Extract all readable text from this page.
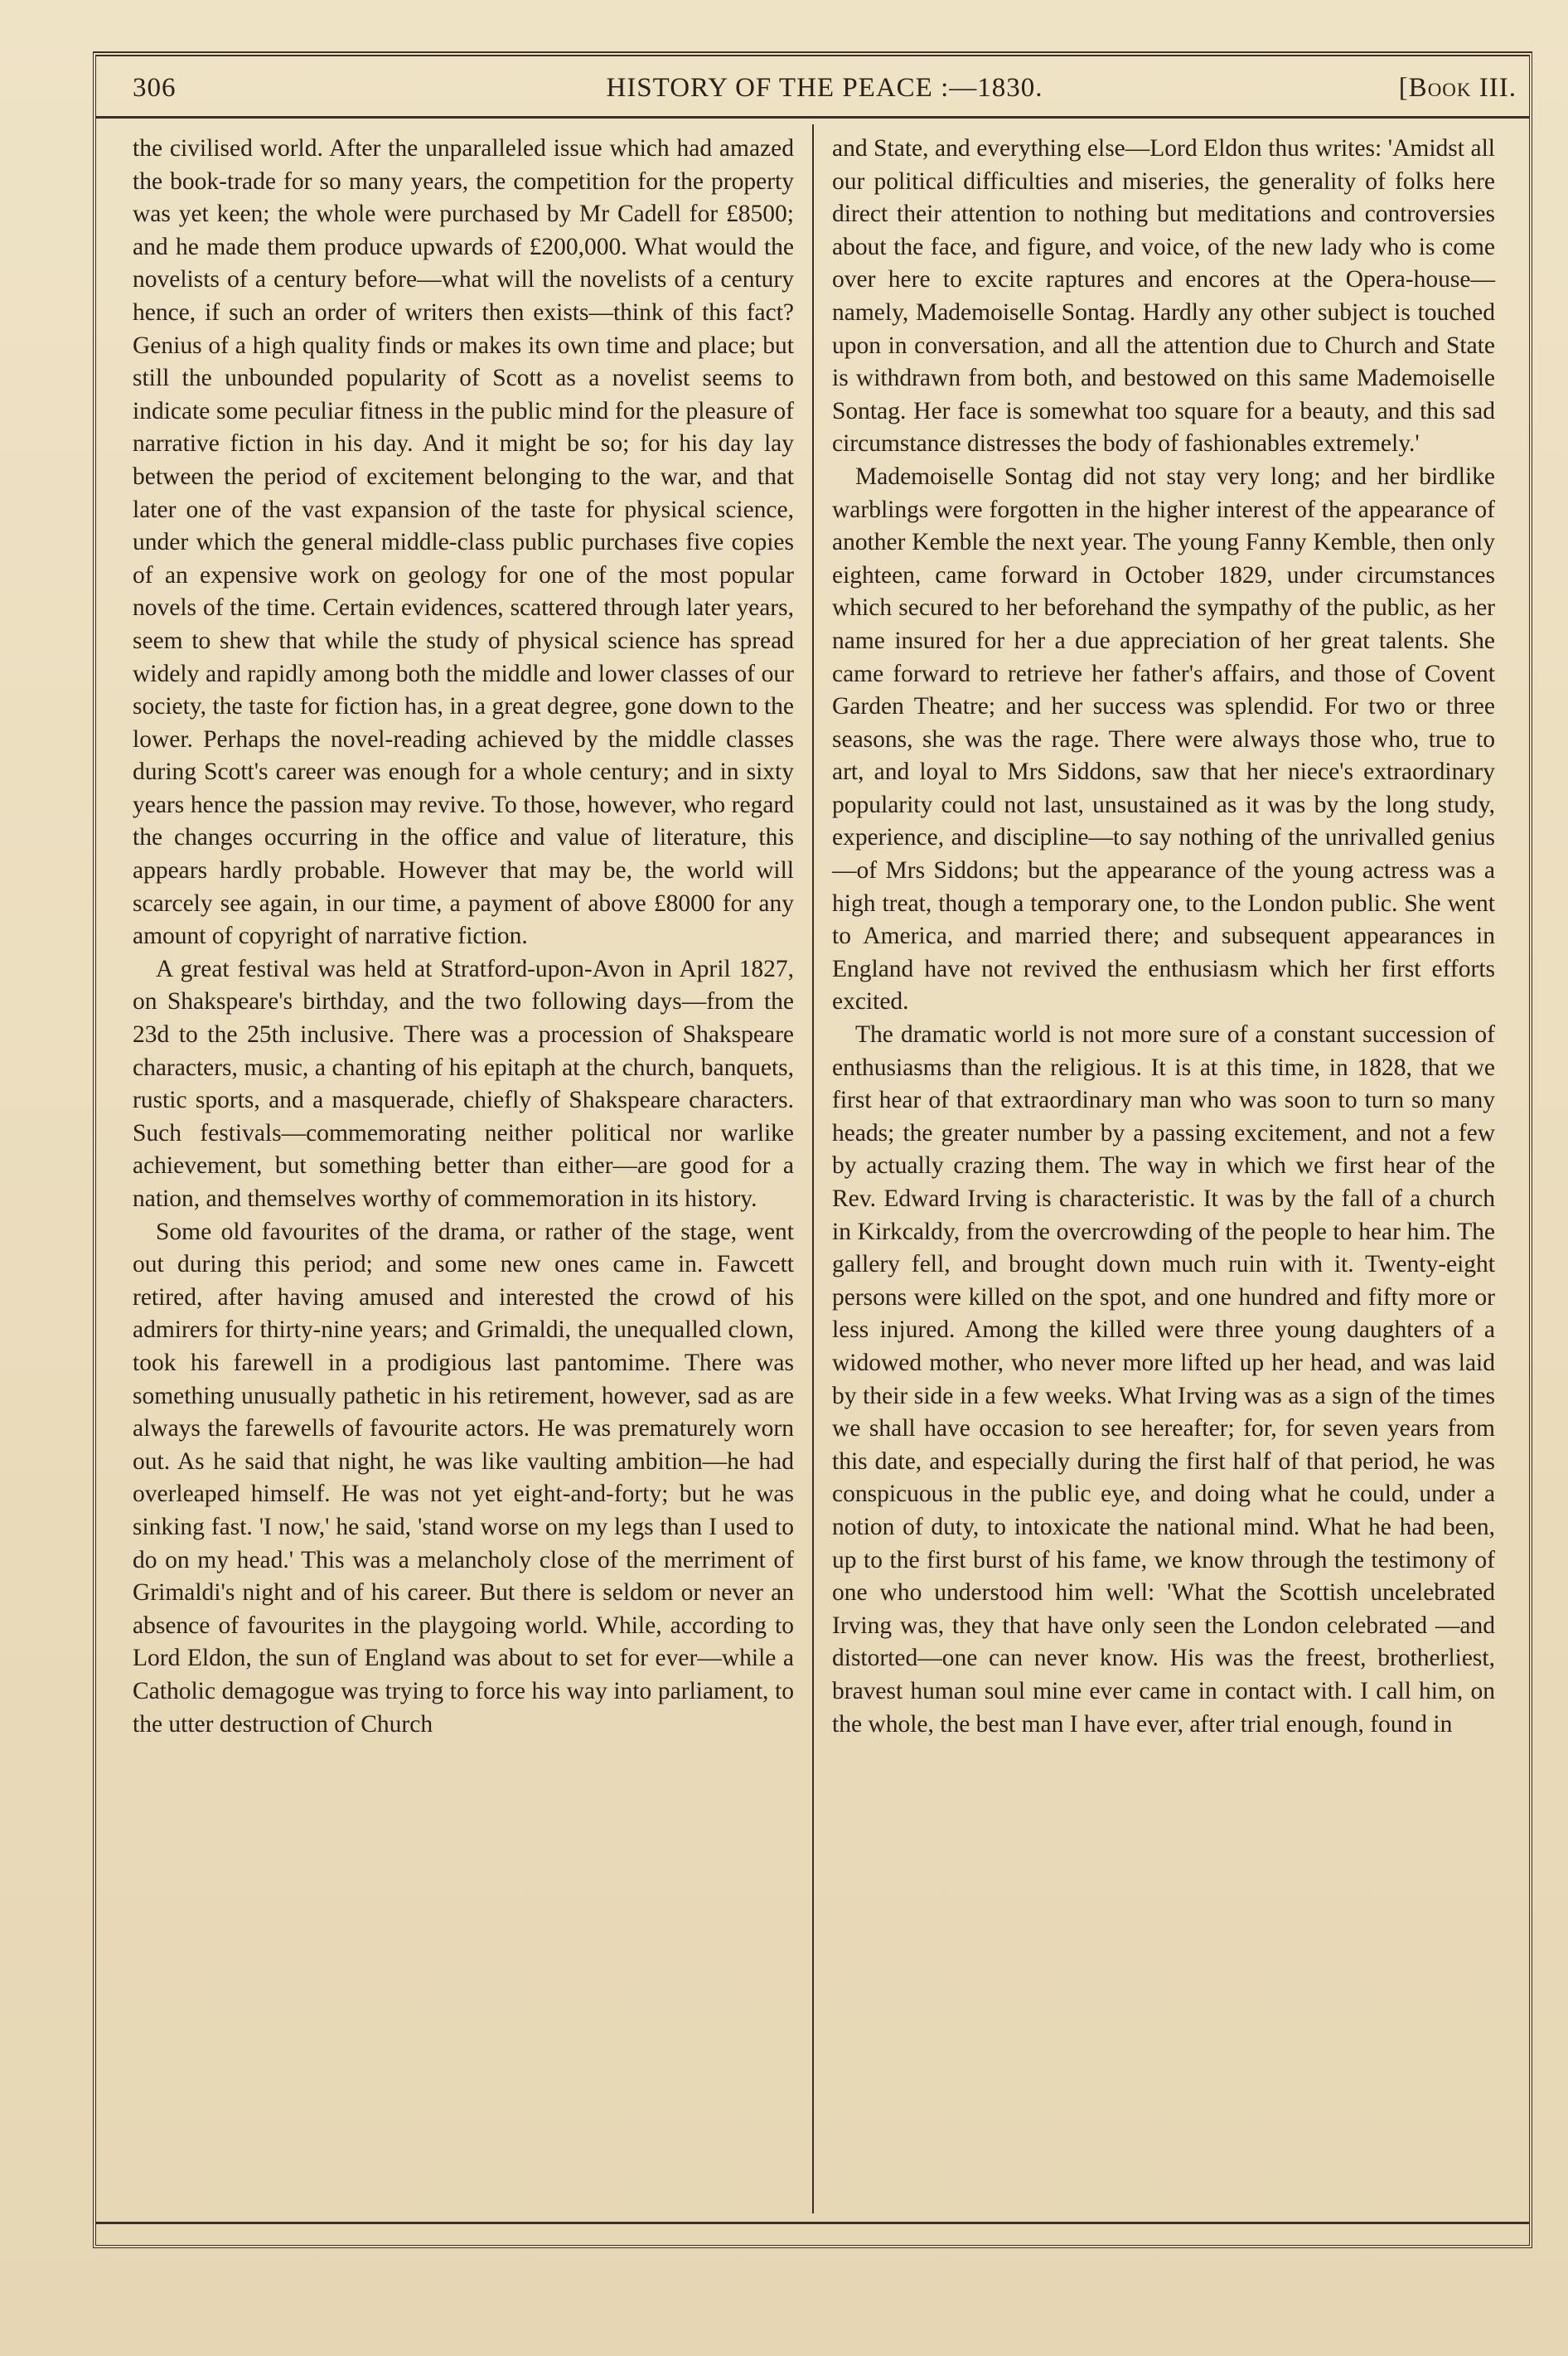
306	HISTORY OF THE PEACE :—1830.	[Book III.

the civilised world. After the unparalleled issue which had amazed the book-trade for so many years, the competition for the property was yet keen; the whole were purchased by Mr Cadell for £8500; and he made them produce upwards of £200,000. What would the novelists of a century before—what will the novelists of a century hence, if such an order of writers then exists—think of this fact? Genius of a high quality finds or makes its own time and place; but still the unbounded popularity of Scott as a novelist seems to indicate some peculiar fitness in the public mind for the pleasure of narrative fiction in his day. And it might be so; for his day lay between the period of excitement belonging to the war, and that later one of the vast expansion of the taste for physical science, under which the general middle-class public purchases five copies of an expensive work on geology for one of the most popular novels of the time. Certain evidences, scattered through later years, seem to shew that while the study of physical science has spread widely and rapidly among both the middle and lower classes of our society, the taste for fiction has, in a great degree, gone down to the lower. Perhaps the novel-reading achieved by the middle classes during Scott's career was enough for a whole century; and in sixty years hence the passion may revive. To those, however, who regard the changes occurring in the office and value of literature, this appears hardly probable. However that may be, the world will scarcely see again, in our time, a payment of above £8000 for any amount of copyright of narrative fiction.

A great festival was held at Stratford-upon-Avon in April 1827, on Shakspeare's birthday, and the two following days—from the 23d to the 25th inclusive. There was a procession of Shakspeare characters, music, a chanting of his epitaph at the church, banquets, rustic sports, and a masquerade, chiefly of Shakspeare characters. Such festivals—commemorating neither political nor warlike achievement, but something better than either—are good for a nation, and themselves worthy of commemoration in its history.

Some old favourites of the drama, or rather of the stage, went out during this period; and some new ones came in. Fawcett retired, after having amused and interested the crowd of his admirers for thirty-nine years; and Grimaldi, the unequalled clown, took his farewell in a prodigious last pantomime. There was something unusually pathetic in his retirement, however, sad as are always the farewells of favourite actors. He was prematurely worn out. As he said that night, he was like vaulting ambition—he had overleaped himself. He was not yet eight-and-forty; but he was sinking fast. 'I now,' he said, 'stand worse on my legs than I used to do on my head.' This was a melancholy close of the merriment of Grimaldi's night and of his career. But there is seldom or never an absence of favourites in the playgoing world. While, according to Lord Eldon, the sun of England was about to set for ever—while a Catholic demagogue was trying to force his way into parliament, to the utter destruction of Church

and State, and everything else—Lord Eldon thus writes: 'Amidst all our political difficulties and miseries, the generality of folks here direct their attention to nothing but meditations and controversies about the face, and figure, and voice, of the new lady who is come over here to excite raptures and encores at the Opera-house—namely, Mademoiselle Sontag. Hardly any other subject is touched upon in conversation, and all the attention due to Church and State is withdrawn from both, and bestowed on this same Mademoiselle Sontag. Her face is somewhat too square for a beauty, and this sad circumstance distresses the body of fashionables extremely.'

Mademoiselle Sontag did not stay very long; and her birdlike warblings were forgotten in the higher interest of the appearance of another Kemble the next year. The young Fanny Kemble, then only eighteen, came forward in October 1829, under circumstances which secured to her beforehand the sympathy of the public, as her name insured for her a due appreciation of her great talents. She came forward to retrieve her father's affairs, and those of Covent Garden Theatre; and her success was splendid. For two or three seasons, she was the rage. There were always those who, true to art, and loyal to Mrs Siddons, saw that her niece's extraordinary popularity could not last, unsustained as it was by the long study, experience, and discipline—to say nothing of the unrivalled genius—of Mrs Siddons; but the appearance of the young actress was a high treat, though a temporary one, to the London public. She went to America, and married there; and subsequent appearances in England have not revived the enthusiasm which her first efforts excited.

The dramatic world is not more sure of a constant succession of enthusiasms than the religious. It is at this time, in 1828, that we first hear of that extraordinary man who was soon to turn so many heads; the greater number by a passing excitement, and not a few by actually crazing them. The way in which we first hear of the Rev. Edward Irving is characteristic. It was by the fall of a church in Kirkcaldy, from the overcrowding of the people to hear him. The gallery fell, and brought down much ruin with it. Twenty-eight persons were killed on the spot, and one hundred and fifty more or less injured. Among the killed were three young daughters of a widowed mother, who never more lifted up her head, and was laid by their side in a few weeks. What Irving was as a sign of the times we shall have occasion to see hereafter; for, for seven years from this date, and especially during the first half of that period, he was conspicuous in the public eye, and doing what he could, under a notion of duty, to intoxicate the national mind. What he had been, up to the first burst of his fame, we know through the testimony of one who understood him well: 'What the Scottish uncelebrated Irving was, they that have only seen the London celebrated —and distorted—one can never know. His was the freest, brotherliest, bravest human soul mine ever came in contact with. I call him, on the whole, the best man I have ever, after trial enough, found in
